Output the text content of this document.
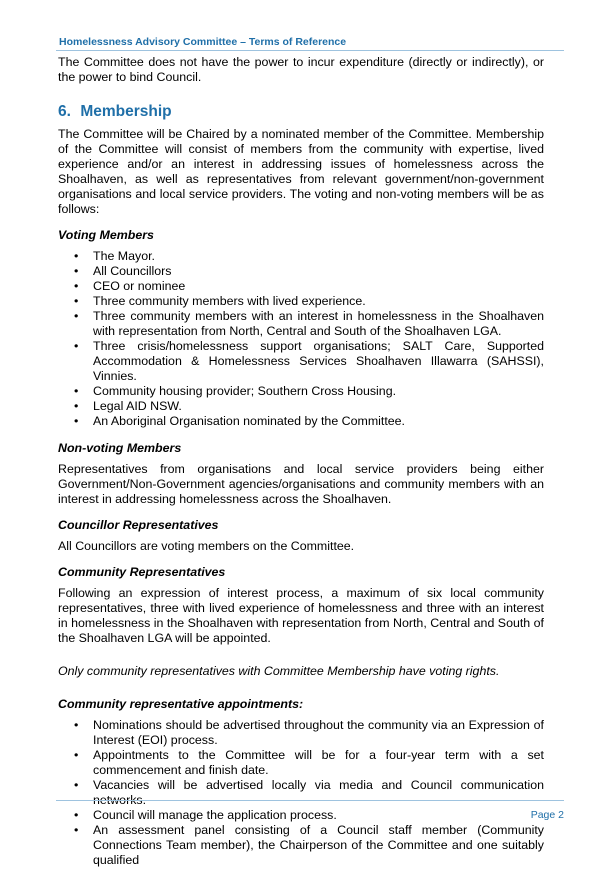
Homelessness Advisory Committee – Terms of Reference

The Committee does not have the power to incur expenditure (directly or indirectly), or the power to bind Council.

6. Membership

The Committee will be Chaired by a nominated member of the Committee. Membership of the Committee will consist of members from the community with expertise, lived experience and/or an interest in addressing issues of homelessness across the Shoalhaven, as well as representatives from relevant government/non-government organisations and local service providers. The voting and non-voting members will be as follows:

Voting Members
• The Mayor.
• All Councillors
• CEO or nominee
• Three community members with lived experience.
• Three community members with an interest in homelessness in the Shoalhaven with representation from North, Central and South of the Shoalhaven LGA.
• Three crisis/homelessness support organisations; SALT Care, Supported Accommodation & Homelessness Services Shoalhaven Illawarra (SAHSSI), Vinnies.
• Community housing provider; Southern Cross Housing.
• Legal AID NSW.
• An Aboriginal Organisation nominated by the Committee.
Non-voting Members

Representatives from organisations and local service providers being either Government/Non-Government agencies/organisations and community members with an interest in addressing homelessness across the Shoalhaven.

Councillor Representatives

All Councillors are voting members on the Committee.

Community Representatives

Following an expression of interest process, a maximum of six local community representatives, three with lived experience of homelessness and three with an interest in homelessness in the Shoalhaven with representation from North, Central and South of the Shoalhaven LGA will be appointed.

Only community representatives with Committee Membership have voting rights.

Community representative appointments:
• Nominations should be advertised throughout the community via an Expression of Interest (EOI) process.
• Appointments to the Committee will be for a four-year term with a set commencement and finish date.
• Vacancies will be advertised locally via media and Council communication networks.
• Council will manage the application process.
• An assessment panel consisting of a Council staff member (Community Connections Team member), the Chairperson of the Committee and one suitably qualified
Page 2
